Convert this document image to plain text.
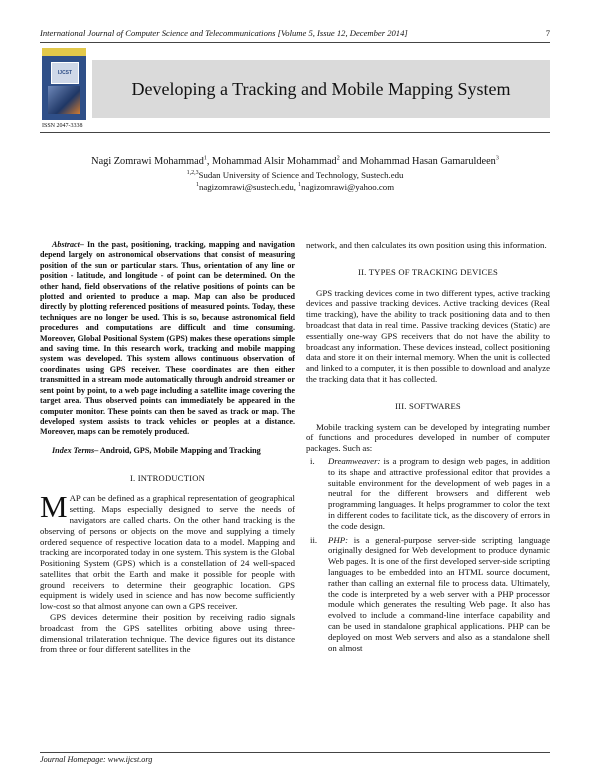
International Journal of Computer Science and Telecommunications [Volume 5, Issue 12, December 2014]	7
IJCST
ISSN 2047-3338
Developing a Tracking and Mobile Mapping System
Nagi Zomrawi Mohammad$^1$, Mohammad Alsir Mohammad$^2$ and Mohammad Hasan Gamaruldeen$^3$
$^{1,2,3}$Sudan University of Science and Technology, Sustech.edu
$^1$nagizomrawi@sustech.edu, $^1$nagizomrawi@yahoo.com

Abstract– In the past, positioning, tracking, mapping and navigation depend largely on astronomical observations that consist of measuring position of the sun or particular stars. Thus, orientation of any line or position - latitude, and longitude - of point can be determined. On the other hand, field observations of the relative positions of points can be plotted and oriented to produce a map. Map can also be produced directly by plotting referenced positions of measured points. Today, these techniques are no longer be used. This is so, because astronomical field procedures and computations are difficult and time consuming. Moreover, Global Positional System (GPS) makes these operations simple and saving time. In this research work, tracking and mobile mapping system was developed. This system allows continuous observation of coordinates using GPS receiver. These coordinates are then either transmitted in a stream mode automatically through android streamer or sent point by point, to a web page including a satellite image covering the target area. Thus observed points can immediately be appeared in the computer monitor. These points can then be saved as track or map. The developed system assists to track vehicles or peoples at a distance. Moreover, maps can be remotely produced.

Index Terms– Android, GPS, Mobile Mapping and Tracking

I. INTRODUCTION

MAP can be defined as a graphical representation of geographical setting. Maps especially designed to serve the needs of navigators are called charts. On the other hand tracking is the observing of persons or objects on the move and supplying a timely ordered sequence of respective location data to a model. Mapping and tracking are incorporated today in one system. This system is the Global Positioning System (GPS) which is a constellation of 24 well-spaced satellites that orbit the Earth and make it possible for people with ground receivers to determine their geographic location. GPS equipment is widely used in science and has now become sufficiently low-cost so that almost anyone can own a GPS receiver.

GPS devices determine their position by receiving radio signals broadcast from the GPS satellites orbiting above using three-dimensional trilateration technique. The device figures out its distance from three or four different satellites in the

network, and then calculates its own position using this information.

II. TYPES OF TRACKING DEVICES

GPS tracking devices come in two different types, active tracking devices and passive tracking devices. Active tracking devices (Real time tracking), have the ability to track positioning data and to then broadcast that data in real time. Passive tracking devices (Static) are essentially one-way GPS receivers that do not have the ability to broadcast any information. These devices instead, collect positioning data and store it on their internal memory. When the unit is collected and linked to a computer, it is then possible to download and analyze the tracking data that it has collected.

III. SOFTWARES

Mobile tracking system can be developed by integrating number of functions and procedures developed in number of computer packages. Such as:

i. Dreamweaver: is a program to design web pages, in addition to its shape and attractive professional editor that provides a suitable environment for the development of web pages in a neutral for the different browsers and different web programming languages. It helps programmer to color the text in different codes to facilitate tick, as the discovery of errors in the code design.
ii. PHP: is a general-purpose server-side scripting language originally designed for Web development to produce dynamic Web pages. It is one of the first developed server-side scripting languages to be embedded into an HTML source document, rather than calling an external file to process data. Ultimately, the code is interpreted by a web server with a PHP processor module which generates the resulting Web page. It also has evolved to include a command-line interface capability and can be used in standalone graphical applications. PHP can be deployed on most Web servers and also as a standalone shell on almost
Journal Homepage: www.ijcst.org
